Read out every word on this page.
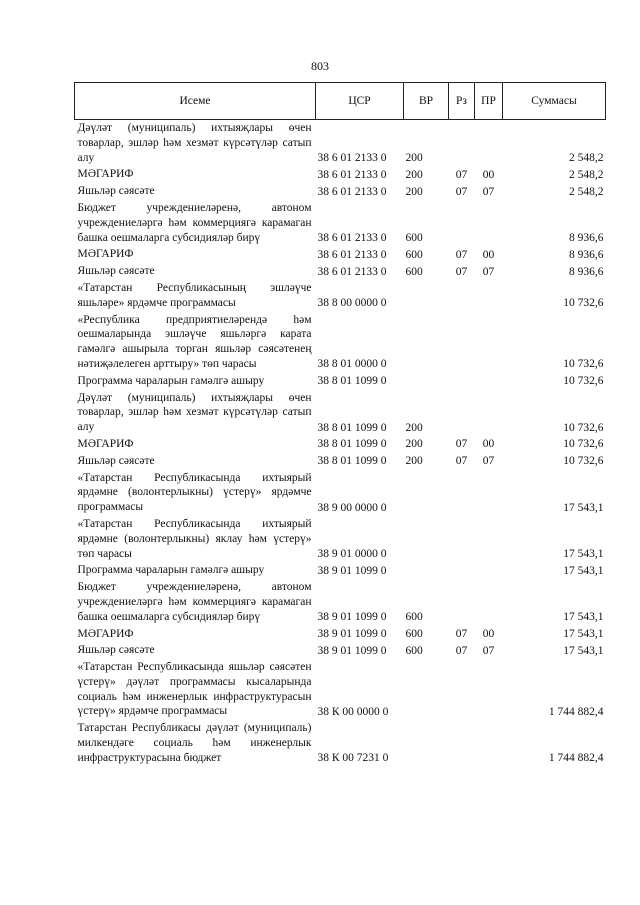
803
Исеме	ЦСР	ВР	Рз	ПР	Суммасы
Дәүләт (муниципаль) ихтыяҗлары өчен товарлар, эшләр һәм хезмәт күрсәтүләр сатып алу	38 6 01 2133 0	200			2 548,2
МӘГАРИФ	38 6 01 2133 0	200	07	00	2 548,2
Яшьләр сәясәте	38 6 01 2133 0	200	07	07	2 548,2
Бюджет учреждениеләренә, автоном учреждениеләргә һәм коммерциягә карамаган башка оешмаларга субсидияләр бирү	38 6 01 2133 0	600			8 936,6
МӘГАРИФ	38 6 01 2133 0	600	07	00	8 936,6
Яшьләр сәясәте	38 6 01 2133 0	600	07	07	8 936,6
«Татарстан Республикасының эшләүче яшьләре» ярдәмче программасы	38 8 00 0000 0				10 732,6
«Республика предприятиеләрендә һәм оешмаларында эшләүче яшьләргә карата гамәлгә ашырыла торган яшьләр сәясәтенең нәтиҗәлелеген арттыру» төп чарасы	38 8 01 0000 0				10 732,6
Программа чараларын гамәлгә ашыру	38 8 01 1099 0				10 732,6
Дәүләт (муниципаль) ихтыяҗлары өчен товарлар, эшләр һәм хезмәт күрсәтүләр сатып алу	38 8 01 1099 0	200			10 732,6
МӘГАРИФ	38 8 01 1099 0	200	07	00	10 732,6
Яшьләр сәясәте	38 8 01 1099 0	200	07	07	10 732,6
«Татарстан Республикасында ихтыярый ярдәмне (волонтерлыкны) үстерү» ярдәмче программасы	38 9 00 0000 0				17 543,1
«Татарстан Республикасында ихтыярый ярдәмне (волонтерлыкны) яклау һәм үстерү» төп чарасы	38 9 01 0000 0				17 543,1
Программа чараларын гамәлгә ашыру	38 9 01 1099 0				17 543,1
Бюджет учреждениеләренә, автоном учреждениеләргә һәм коммерциягә карамаган башка оешмаларга субсидияләр бирү	38 9 01 1099 0	600			17 543,1
МӘГАРИФ	38 9 01 1099 0	600	07	00	17 543,1
Яшьләр сәясәте	38 9 01 1099 0	600	07	07	17 543,1
«Татарстан Республикасында яшьләр сәясәтен үстерү» дәүләт программасы кысаларында социаль һәм инженерлык инфраструктурасын үстерү» ярдәмче программасы	38 К 00 0000 0				1 744 882,4
Татарстан Республикасы дәүләт (муниципаль) милкендәге социаль һәм инженерлык инфраструктурасына бюджет	38 К 00 7231 0				1 744 882,4
